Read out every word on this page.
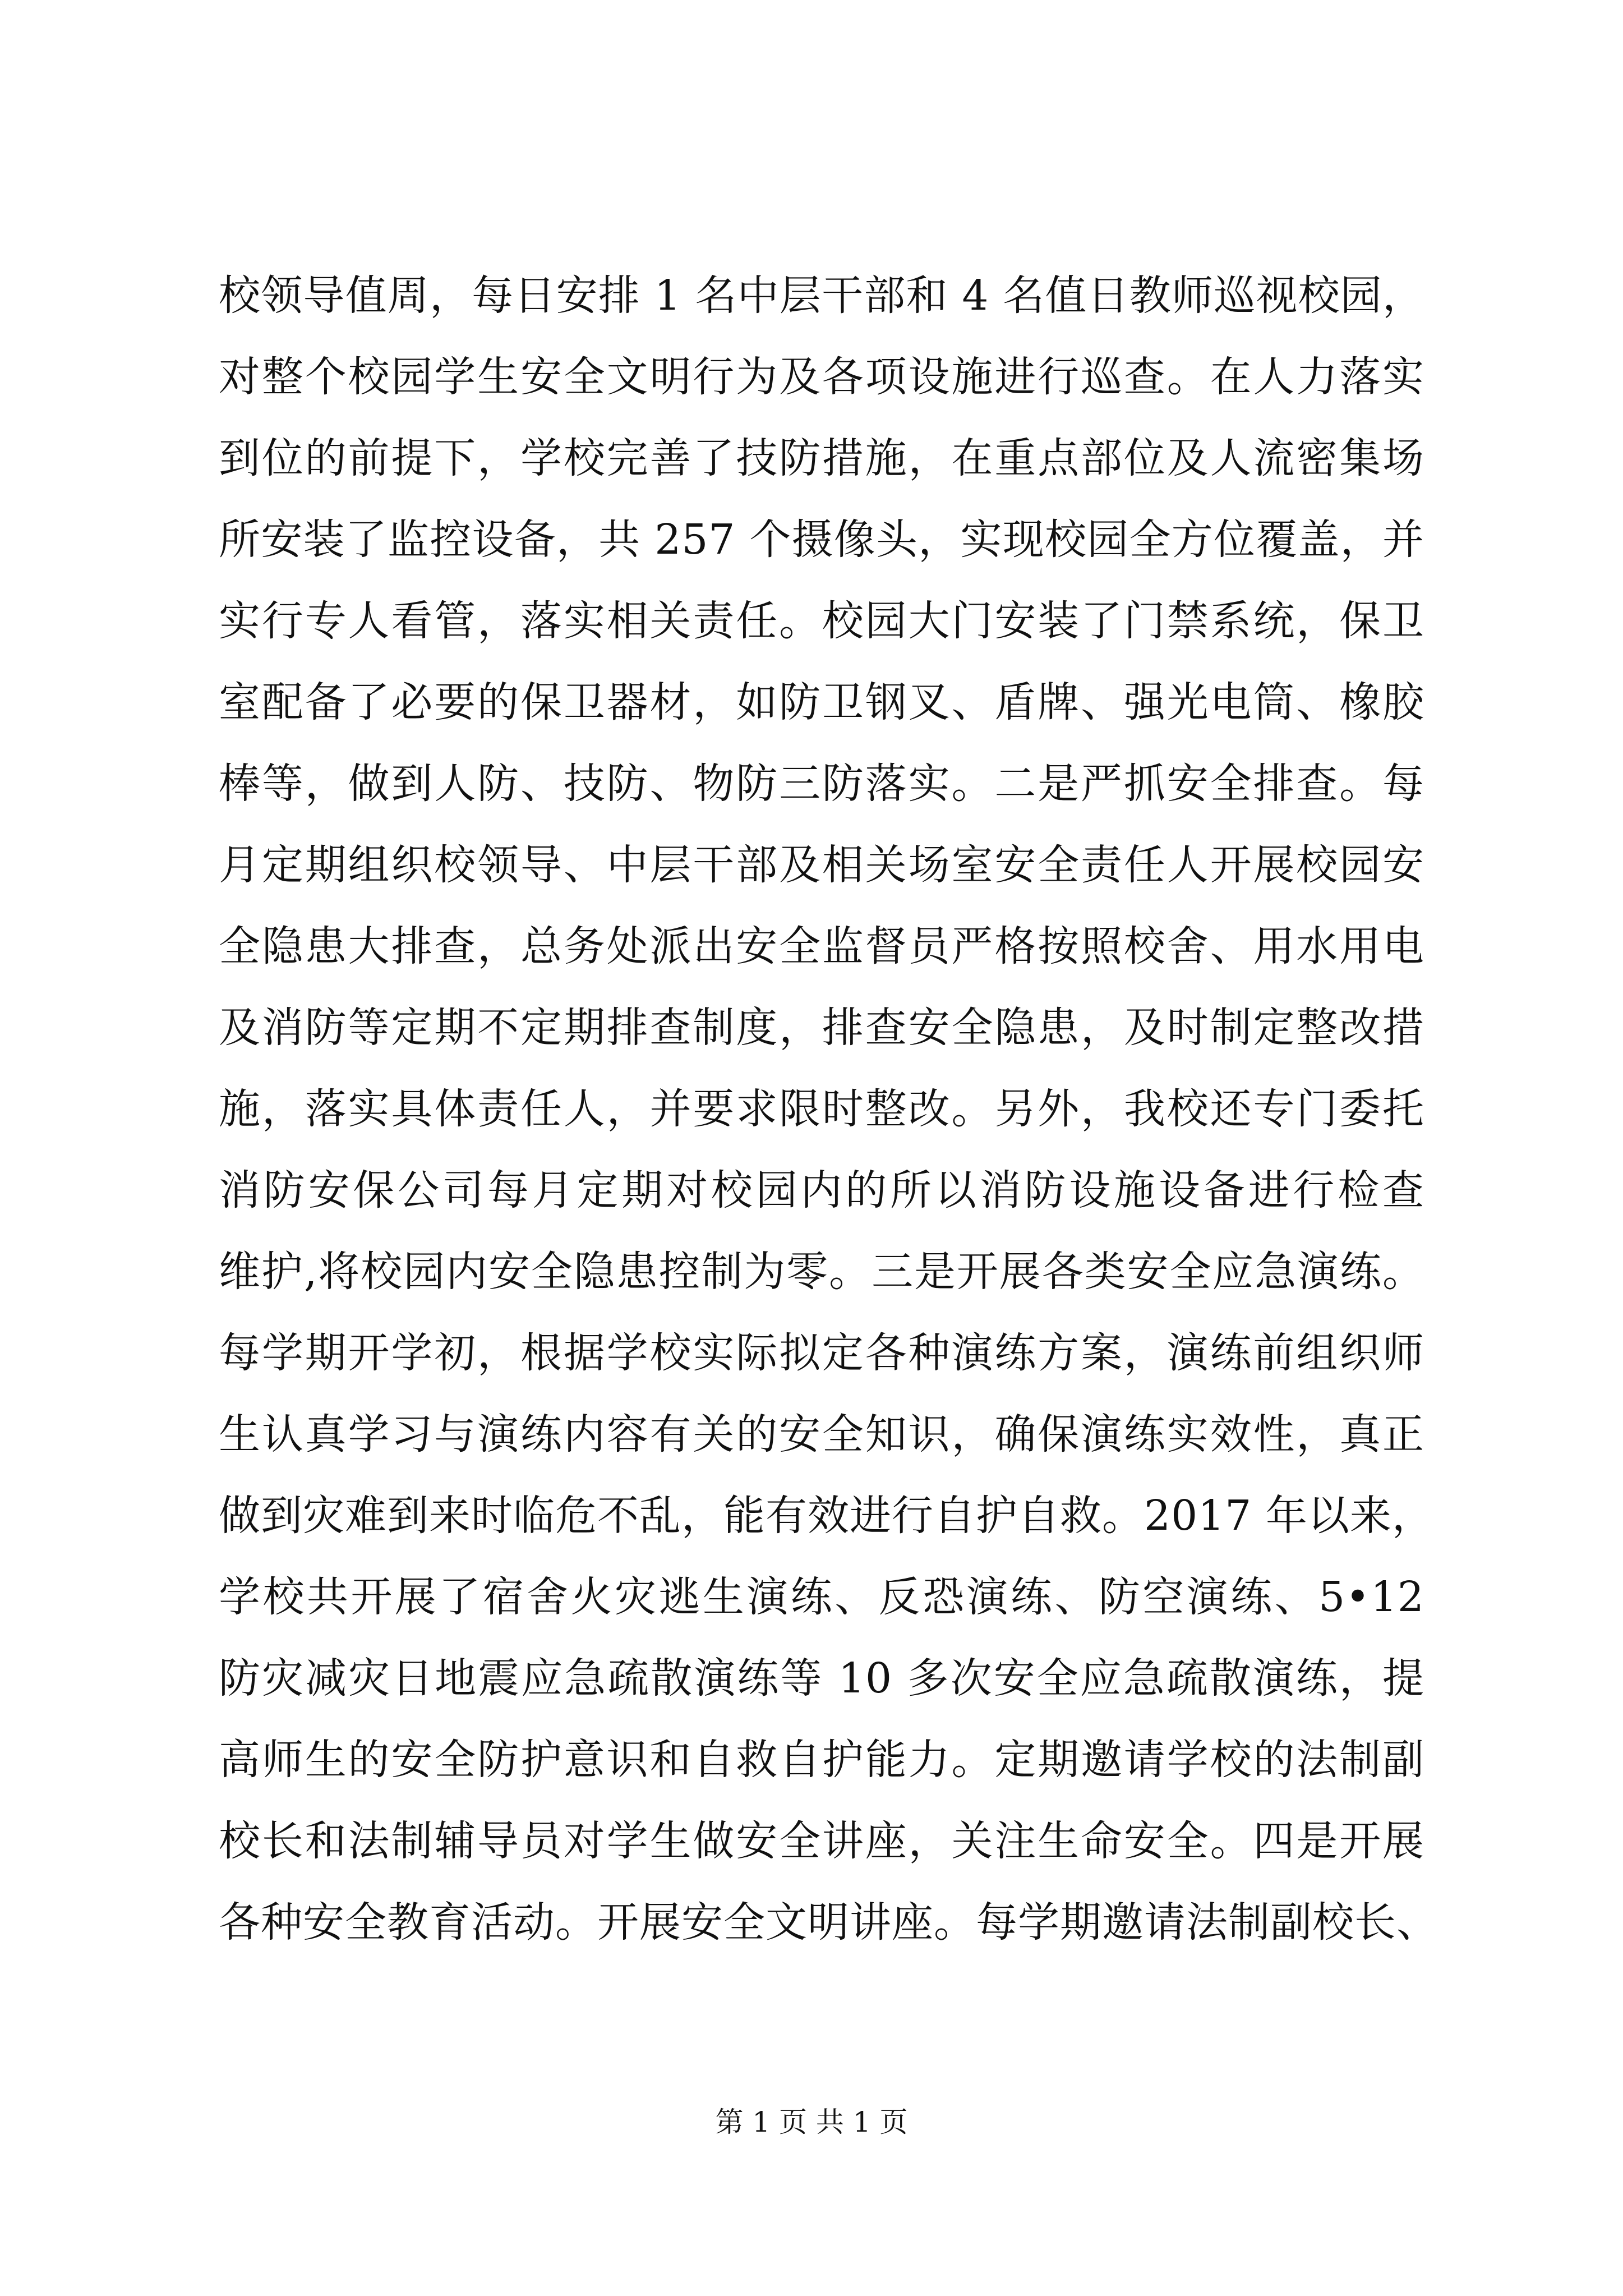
校领导值周，每日安排 1 名中层干部和 4 名值日教师巡视校园，
对整个校园学生安全文明行为及各项设施进行巡查。在人力落实
到位的前提下，学校完善了技防措施，在重点部位及人流密集场
所安装了监控设备，共 257 个摄像头，实现校园全方位覆盖，并
实行专人看管，落实相关责任。校园大门安装了门禁系统，保卫
室配备了必要的保卫器材，如防卫钢叉、盾牌、强光电筒、橡胶
棒等，做到人防、技防、物防三防落实。二是严抓安全排查。每
月定期组织校领导、中层干部及相关场室安全责任人开展校园安
全隐患大排查，总务处派出安全监督员严格按照校舍、用水用电
及消防等定期不定期排查制度，排查安全隐患，及时制定整改措
施，落实具体责任人，并要求限时整改。另外，我校还专门委托
消防安保公司每月定期对校园内的所以消防设施设备进行检查
维护,将校园内安全隐患控制为零。三是开展各类安全应急演练。
每学期开学初，根据学校实际拟定各种演练方案，演练前组织师
生认真学习与演练内容有关的安全知识，确保演练实效性，真正
做到灾难到来时临危不乱，能有效进行自护自救。2017 年以来，
学校共开展了宿舍火灾逃生演练、反恐演练、防空演练、5•12
防灾减灾日地震应急疏散演练等 10 多次安全应急疏散演练，提
高师生的安全防护意识和自救自护能力。定期邀请学校的法制副
校长和法制辅导员对学生做安全讲座，关注生命安全。四是开展
各种安全教育活动。开展安全文明讲座。每学期邀请法制副校长、
第 1 页 共 1 页
